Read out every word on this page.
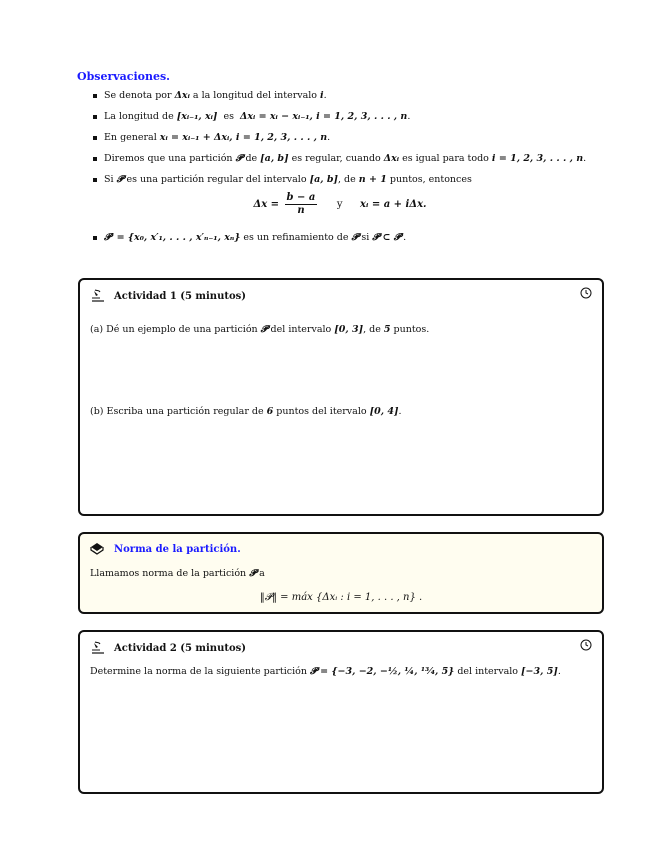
Observaciones.
Se denota por Δxᵢ a la longitud del intervalo i.
La longitud de [xᵢ₋₁, xᵢ]  es  Δxᵢ = xᵢ − xᵢ₋₁, i = 1, 2, 3, . . . , n.
En general xᵢ = xᵢ₋₁ + Δxᵢ, i = 1, 2, 3, . . . , n.
Diremos que una partición 𝓟 de [a, b] es regular, cuando Δxᵢ es igual para todo i = 1, 2, 3, . . . , n.
Si 𝓟 es una partición regular del intervalo [a, b], de n + 1 puntos, entonces
$\Delta x = \frac{b - a}{n}$ y xᵢ = a + iΔx.
𝓟′ = {x₀, x′₁, . . . , x′ₙ₋₁, xₙ} es un refinamiento de 𝓟 si 𝓟 ⊂ 𝓟′.
Actividad 1 (5 minutos)

(a) Dé un ejemplo de una partición 𝓟 del intervalo [0, 3], de 5 puntos.

(b) Escriba una partición regular de 6 puntos del itervalo [0, 4].

Norma de la partición.

Llamamos norma de la partición 𝓟 a

‖𝓟‖ = máx {Δxᵢ : i = 1, . . . , n} .
Actividad 2 (5 minutos)

Determine la norma de la siguiente partición 𝓟 = {−3, −2, −½, ¼, ¹³⁄₄, 5} del intervalo [−3, 5].
